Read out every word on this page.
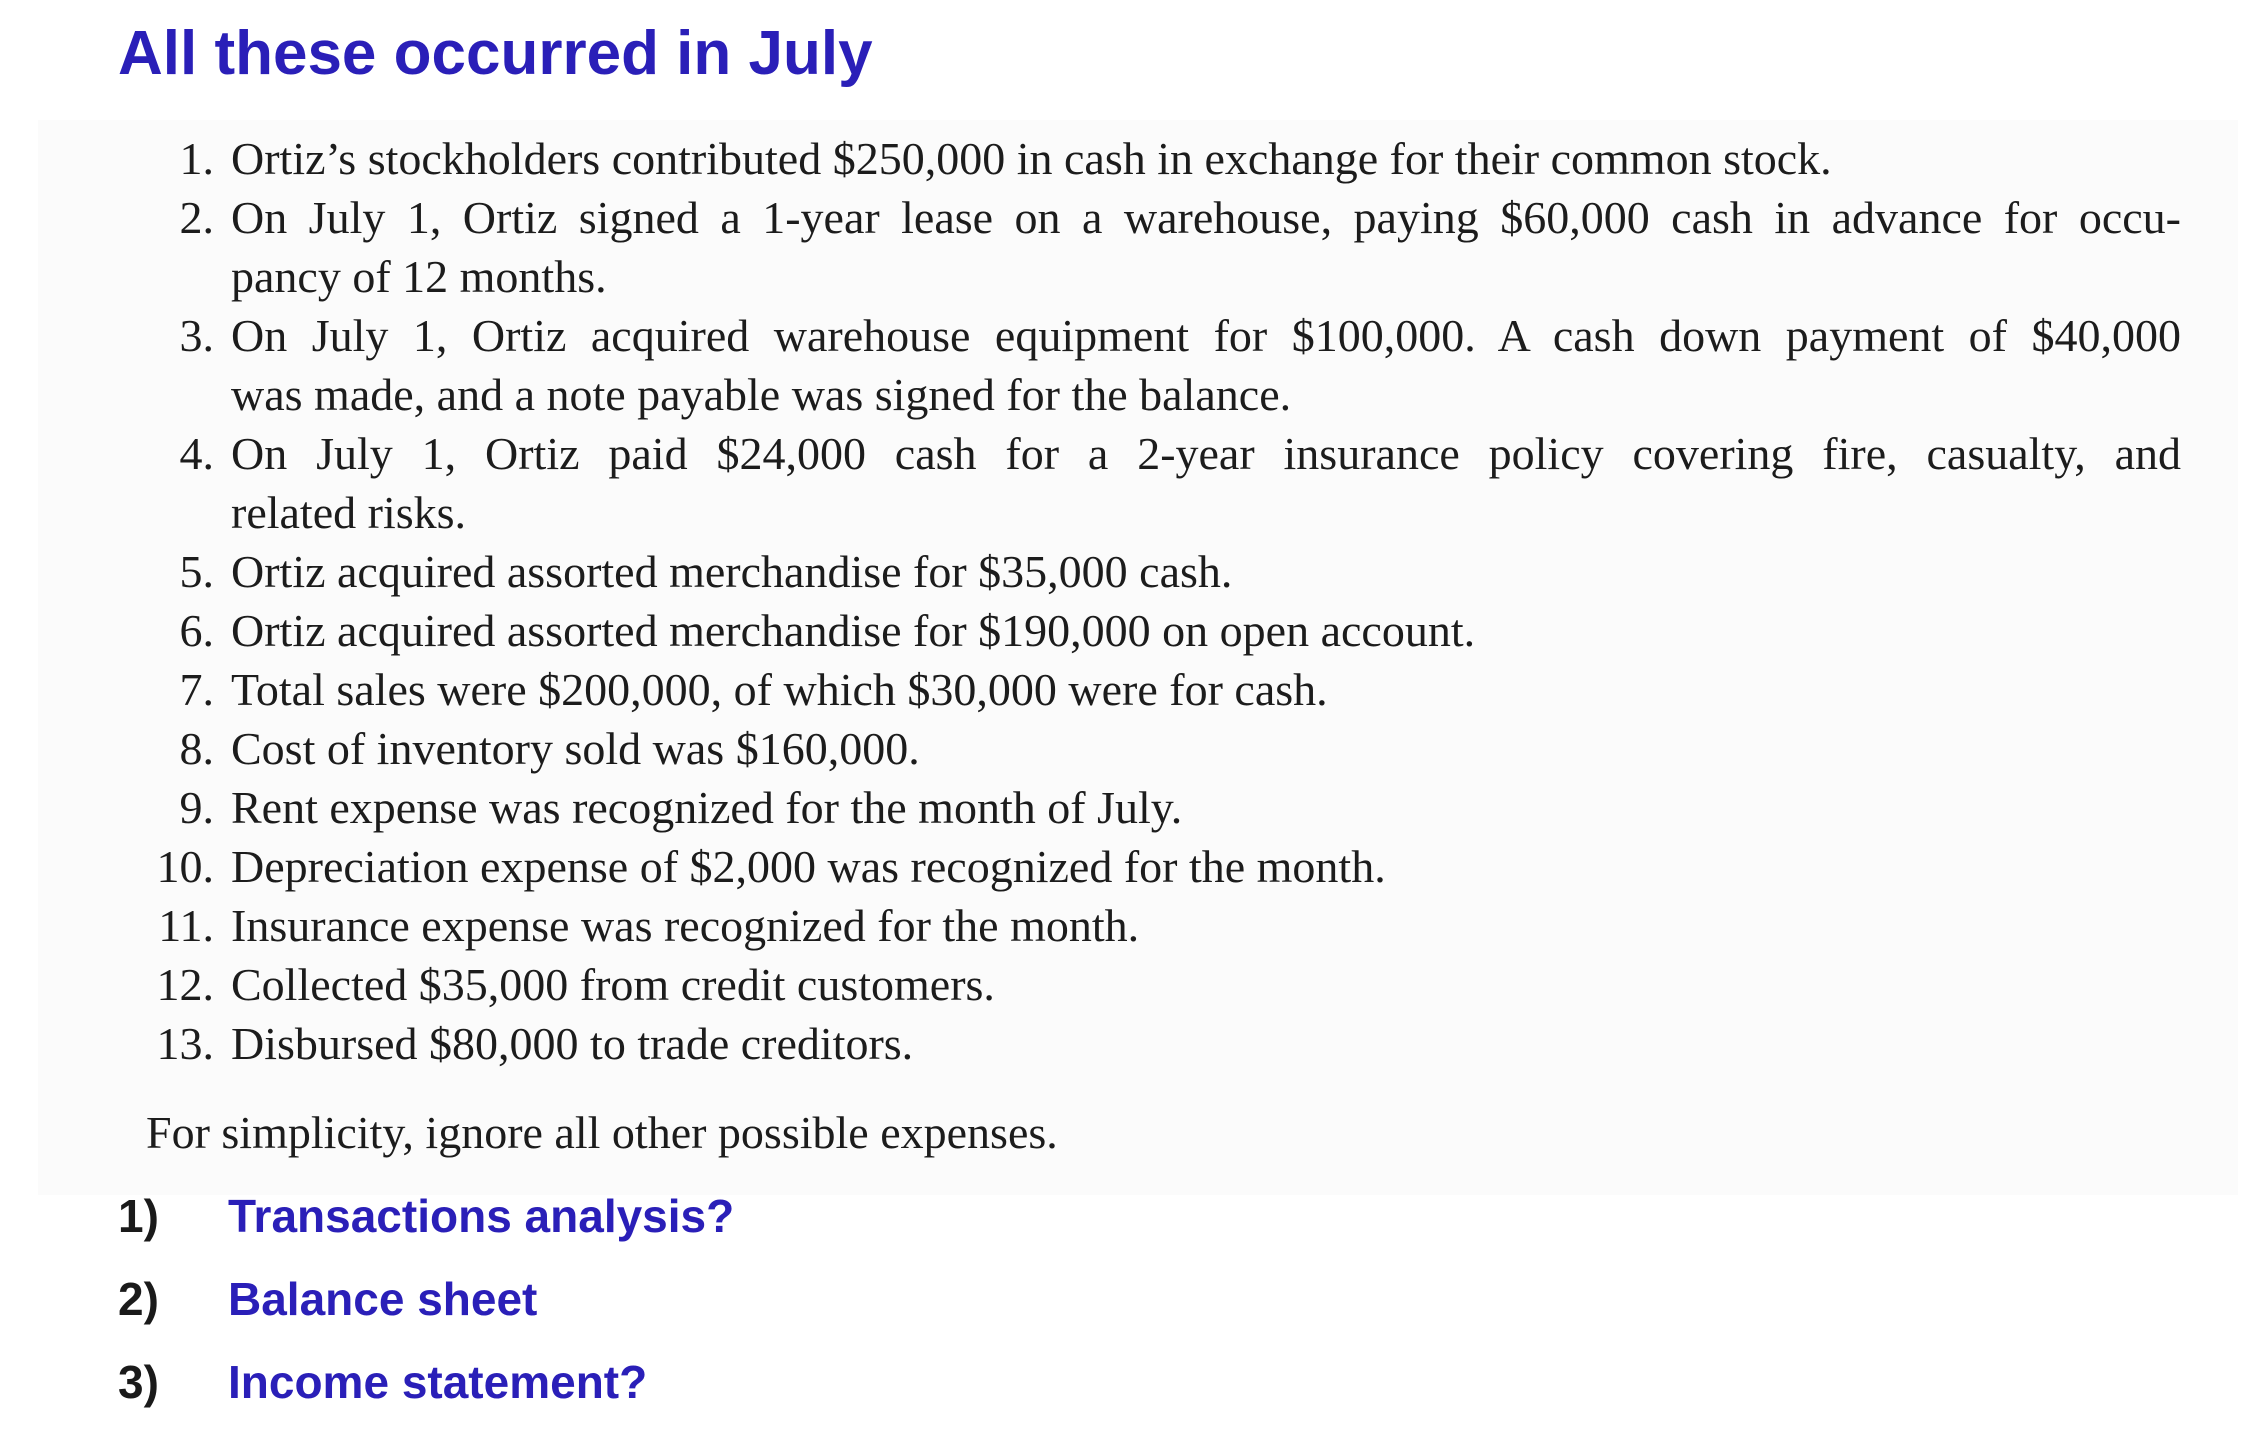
All these occurred in July
1. Ortiz’s stockholders contributed $250,000 in cash in exchange for their common stock.
2. On July 1, Ortiz signed a 1-year lease on a warehouse, paying $60,000 cash in advance for occu-
pancy of 12 months.
3. On July 1, Ortiz acquired warehouse equipment for $100,000. A cash down payment of $40,000
was made, and a note payable was signed for the balance.
4. On July 1, Ortiz paid $24,000 cash for a 2-year insurance policy covering fire, casualty, and
related risks.
5. Ortiz acquired assorted merchandise for $35,000 cash.
6. Ortiz acquired assorted merchandise for $190,000 on open account.
7. Total sales were $200,000, of which $30,000 were for cash.
8. Cost of inventory sold was $160,000.
9. Rent expense was recognized for the month of July.
10. Depreciation expense of $2,000 was recognized for the month.
11. Insurance expense was recognized for the month.
12. Collected $35,000 from credit customers.
13. Disbursed $80,000 to trade creditors.

For simplicity, ignore all other possible expenses.

1) Transactions analysis?
2) Balance sheet
3) Income statement?
